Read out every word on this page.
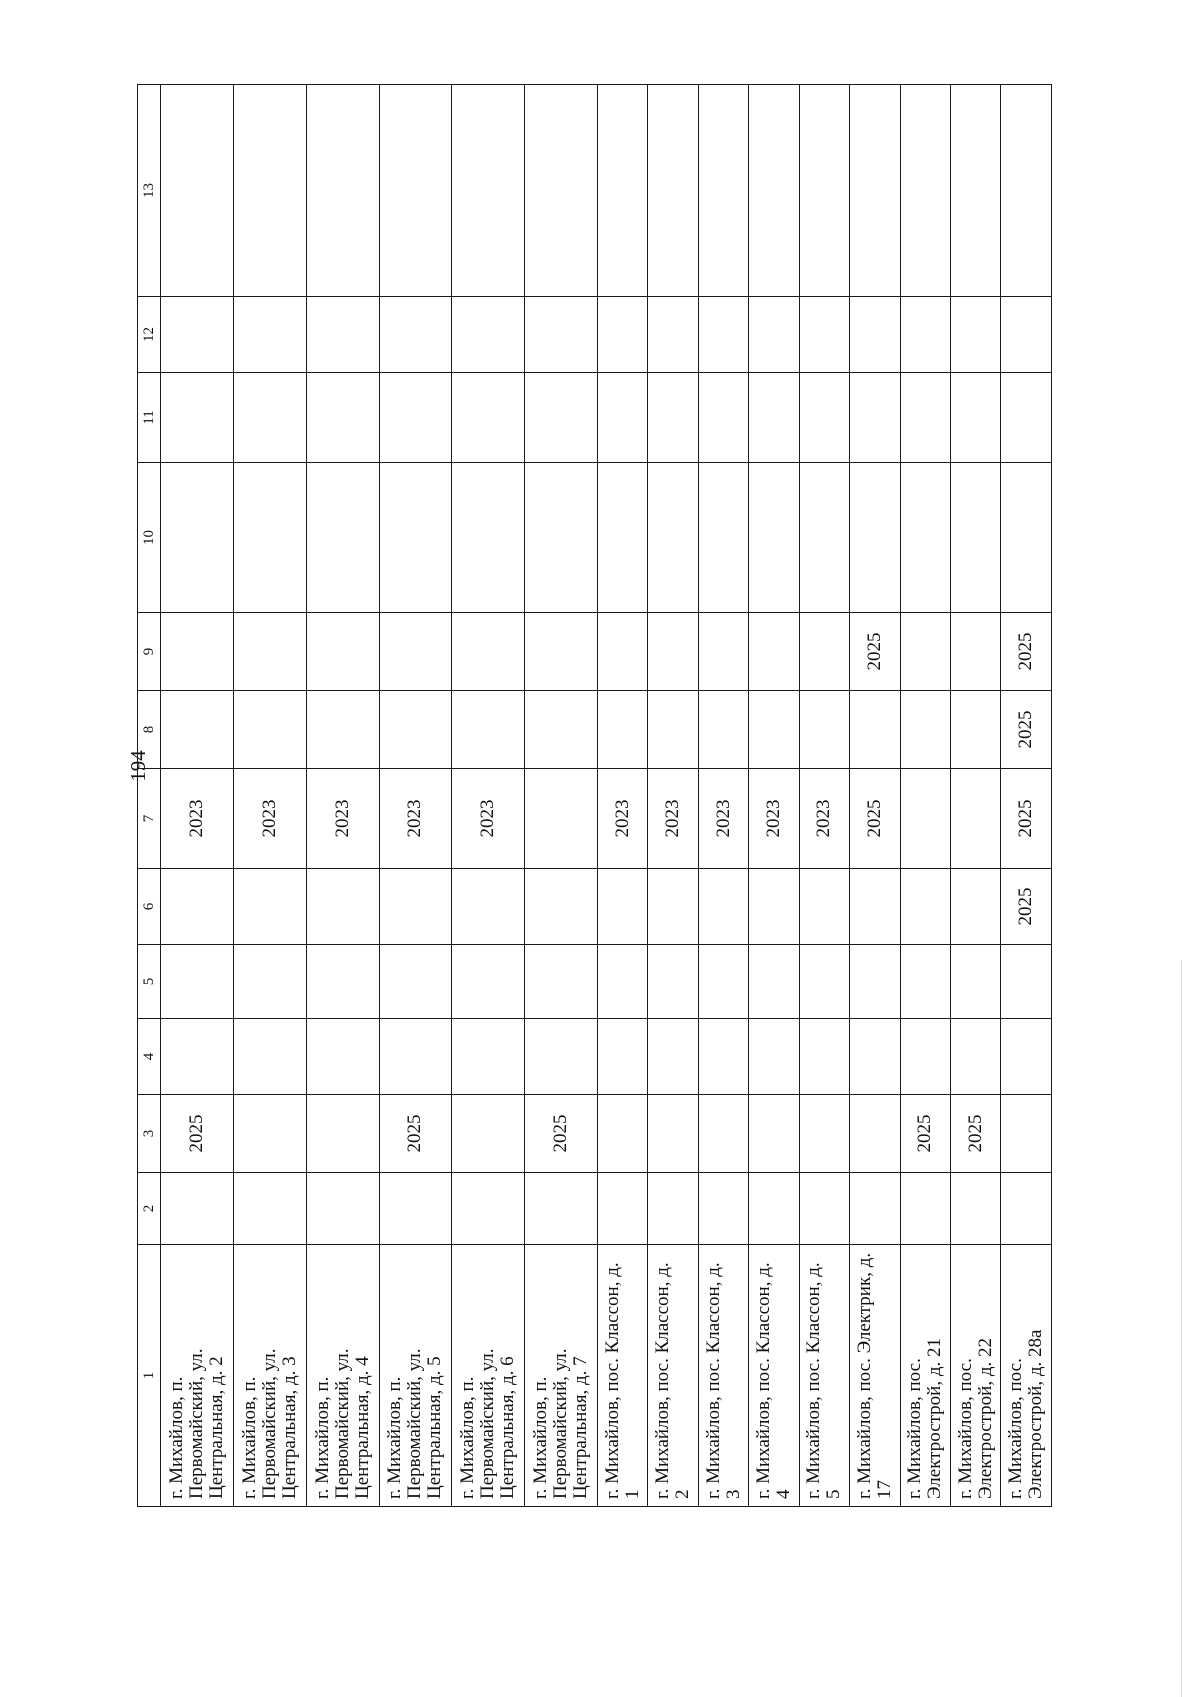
194
1	2	3	4	5	6	7	8	9	10	11	12	13
г. Михайлов, п. Первомайский, ул. Центральная, д. 2		2025				2023						
г. Михайлов, п. Первомайский, ул. Центральная, д. 3						2023						
г. Михайлов, п. Первомайский, ул. Центральная, д. 4						2023						
г. Михайлов, п. Первомайский, ул. Центральная, д. 5		2025				2023						
г. Михайлов, п. Первомайский, ул. Центральная, д. 6						2023						
г. Михайлов, п. Первомайский, ул. Центральная, д. 7		2025										
г. Михайлов, пос. Классон, д. 1						2023						
г. Михайлов, пос. Классон, д. 2						2023						
г. Михайлов, пос. Классон, д. 3						2023						
г. Михайлов, пос. Классон, д. 4						2023						
г. Михайлов, пос. Классон, д. 5						2023						
г. Михайлов, пос. Электрик, д. 17						2025		2025				
г. Михайлов, пос. Электрострой, д. 21		2025										
г. Михайлов, пос. Электрострой, д. 22		2025										
г. Михайлов, пос. Электрострой, д. 28а					2025	2025	2025	2025				
